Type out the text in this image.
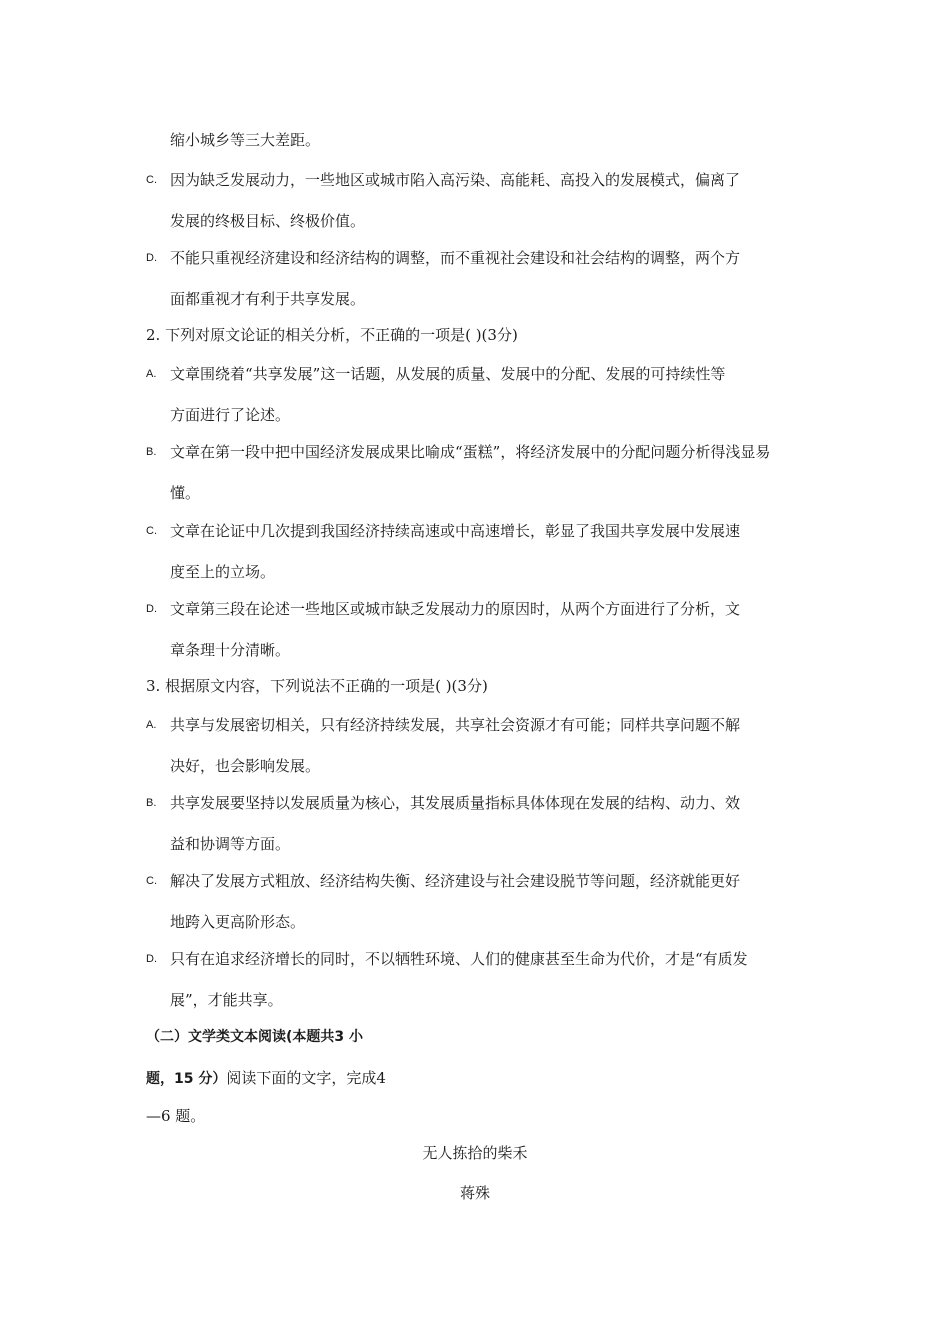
缩小城乡等三大差距。
C. 因为缺乏发展动力，一些地区或城市陷入高污染、高能耗、高投入的发展模式，偏离了
发展的终极目标、终极价值。
D. 不能只重视经济建设和经济结构的调整，而不重视社会建设和社会结构的调整，两个方
面都重视才有利于共享发展。
2. 下列对原文论证的相关分析，不正确的一项是( )(3分)
A. 文章围绕着“共享发展”这一话题，从发展的质量、发展中的分配、发展的可持续性等
方面进行了论述。
B. 文章在第一段中把中国经济发展成果比喻成“蛋糕”，将经济发展中的分配问题分析得浅显易
懂。
C. 文章在论证中几次提到我国经济持续高速或中高速增长，彰显了我国共享发展中发展速
度至上的立场。
D. 文章第三段在论述一些地区或城市缺乏发展动力的原因时，从两个方面进行了分析，文
章条理十分清晰。
3. 根据原文内容，下列说法不正确的一项是( )(3分)
A. 共享与发展密切相关，只有经济持续发展，共享社会资源才有可能；同样共享问题不解
决好，也会影响发展。
B. 共享发展要坚持以发展质量为核心，其发展质量指标具体体现在发展的结构、动力、效
益和协调等方面。
C. 解决了发展方式粗放、经济结构失衡、经济建设与社会建设脱节等问题，经济就能更好
地跨入更高阶形态。
D. 只有在追求经济增长的同时，不以牺牲环境、人们的健康甚至生命为代价，才是“有质发
展”，才能共享。
（二）文学类文本阅读(本题共3 小
题，15 分）阅读下面的文字，完成4
—6 题。
无人拣拾的柴禾
蒋殊
